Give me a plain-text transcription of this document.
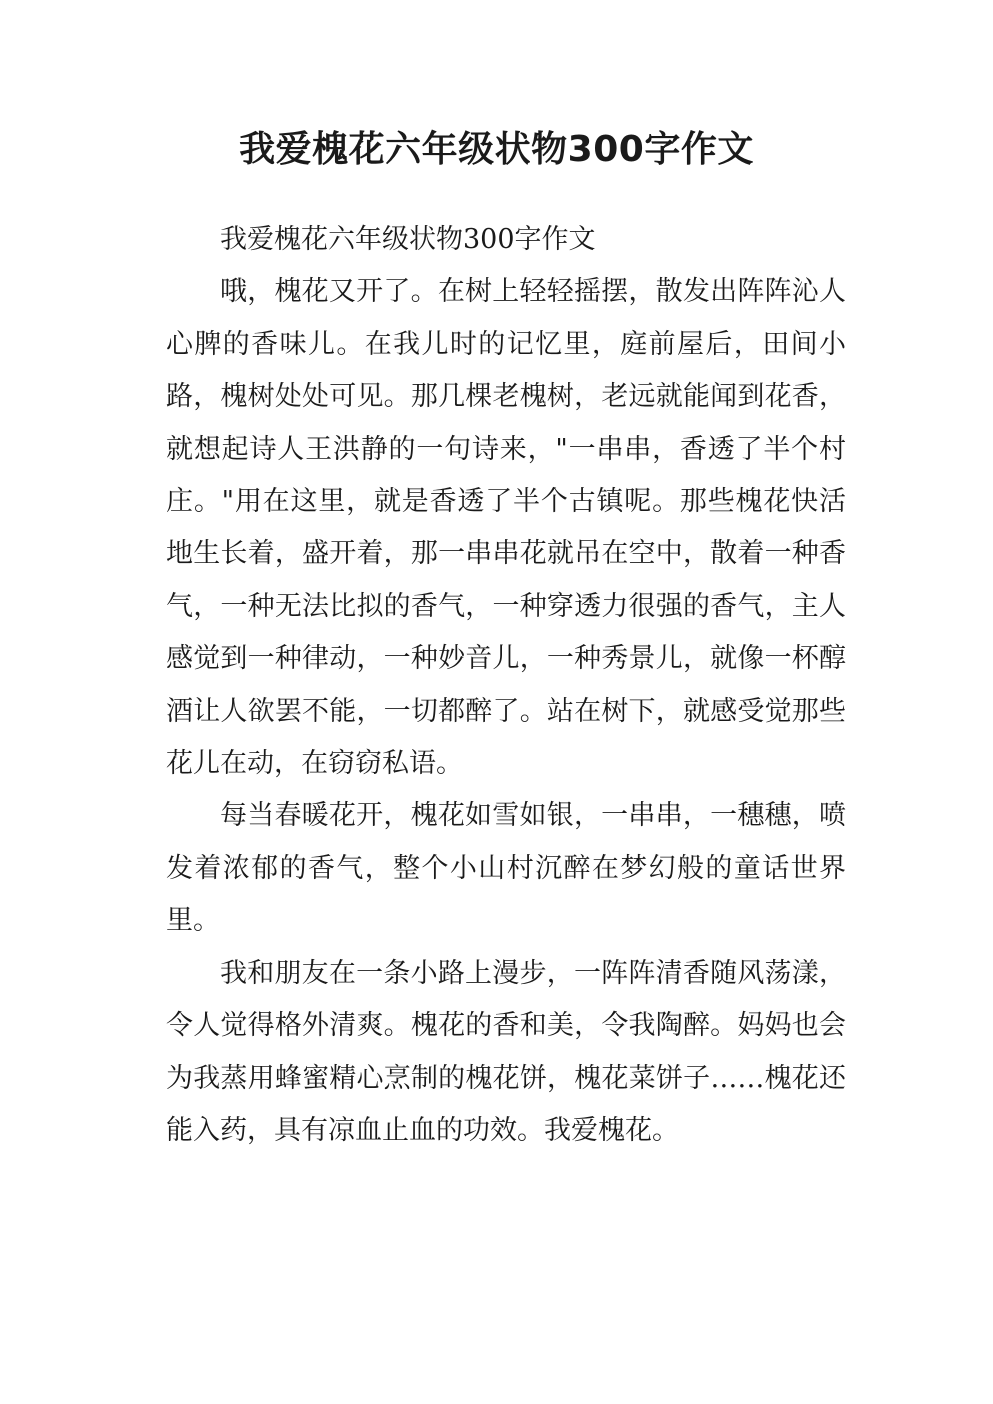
我爱槐花六年级状物300字作文

我爱槐花六年级状物300字作文

哦，槐花又开了。在树上轻轻摇摆，散发出阵阵沁人心脾的香味儿。在我儿时的记忆里，庭前屋后，田间小路，槐树处处可见。那几棵老槐树，老远就能闻到花香，就想起诗人王洪静的一句诗来，"一串串，香透了半个村庄。"用在这里，就是香透了半个古镇呢。那些槐花快活地生长着，盛开着，那一串串花就吊在空中，散着一种香气，一种无法比拟的香气，一种穿透力很强的香气，主人感觉到一种律动，一种妙音儿，一种秀景儿，就像一杯醇酒让人欲罢不能，一切都醉了。站在树下，就感受觉那些花儿在动，在窃窃私语。

每当春暖花开，槐花如雪如银，一串串，一穗穗，喷发着浓郁的香气，整个小山村沉醉在梦幻般的童话世界里。

我和朋友在一条小路上漫步，一阵阵清香随风荡漾，令人觉得格外清爽。槐花的香和美，令我陶醉。妈妈也会为我蒸用蜂蜜精心烹制的槐花饼，槐花菜饼子……槐花还能入药，具有凉血止血的功效。我爱槐花。
